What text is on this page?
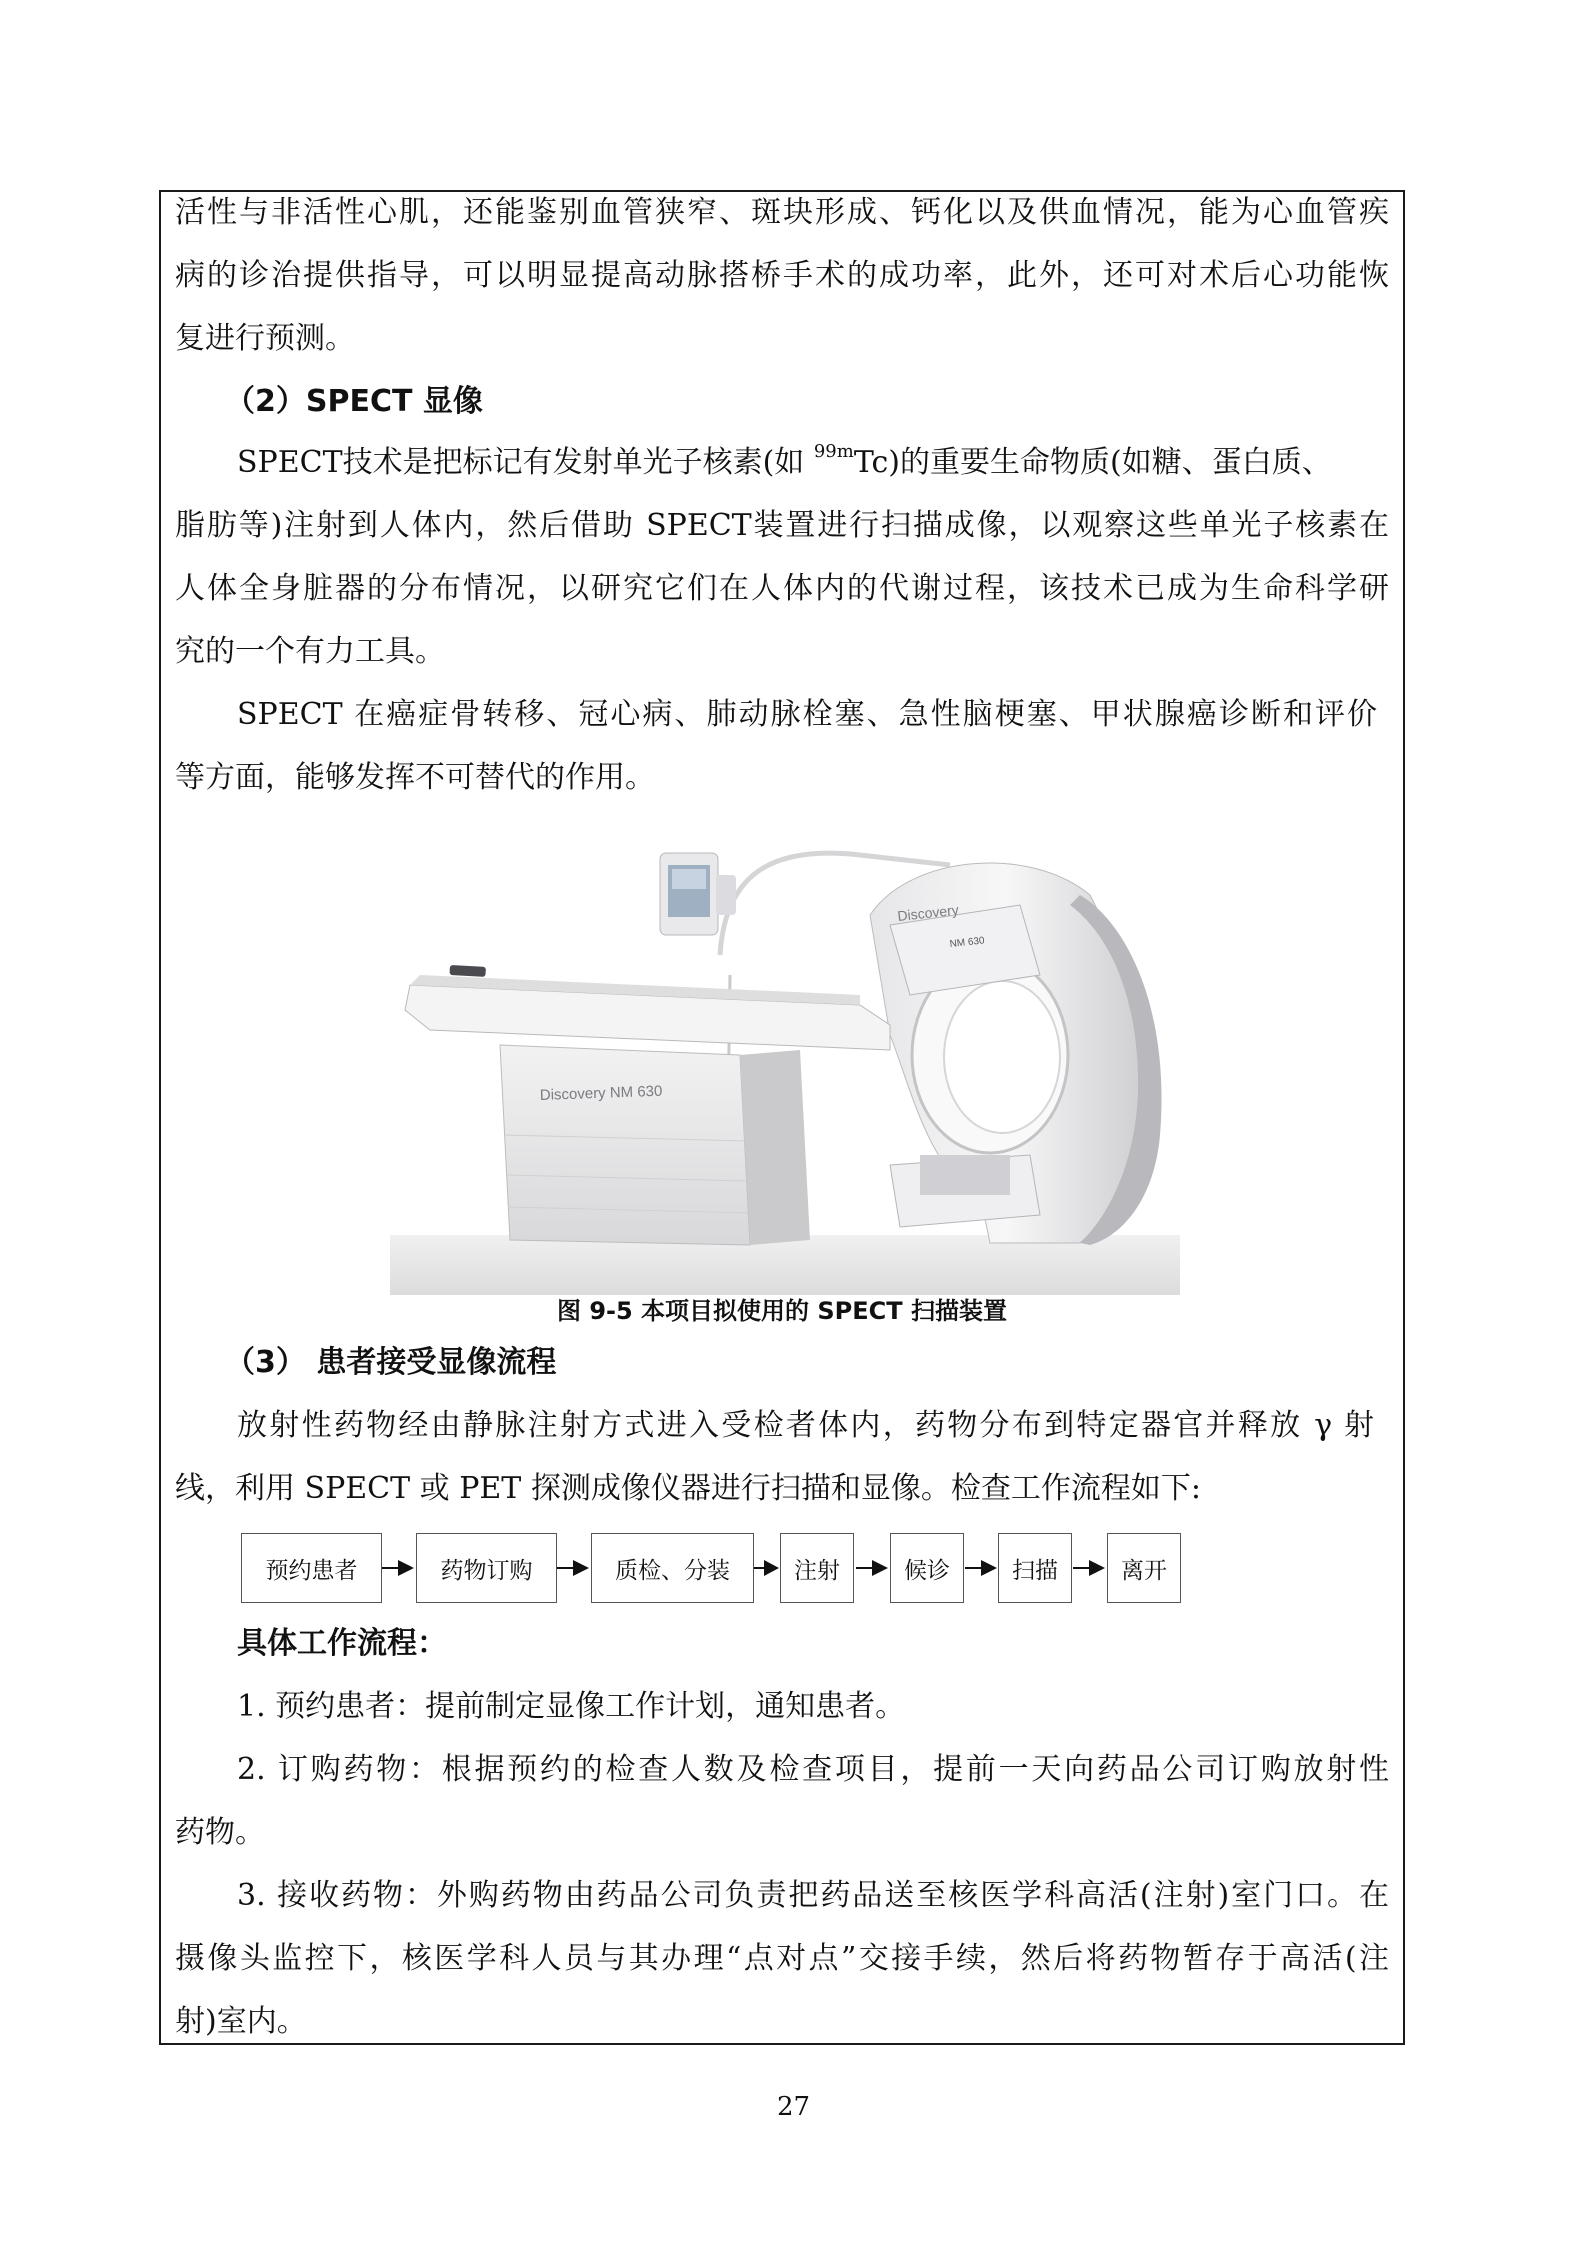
活性与非活性心肌，还能鉴别血管狭窄、斑块形成、钙化以及供血情况，能为心血管疾
病的诊治提供指导，可以明显提高动脉搭桥手术的成功率，此外，还可对术后心功能恢
复进行预测。
（2）SPECT 显像
SPECT技术是把标记有发射单光子核素(如 $^{99m}$Tc)的重要生命物质(如糖、蛋白质、
脂肪等)注射到人体内，然后借助 SPECT装置进行扫描成像，以观察这些单光子核素在
人体全身脏器的分布情况，以研究它们在人体内的代谢过程，该技术已成为生命科学研
究的一个有力工具。
SPECT 在癌症骨转移、冠心病、肺动脉栓塞、急性脑梗塞、甲状腺癌诊断和评价
等方面，能够发挥不可替代的作用。
Discovery
NM 630
Discovery NM 630
图 9-5 本项目拟使用的 SPECT 扫描装置
（3） 患者接受显像流程
放射性药物经由静脉注射方式进入受检者体内，药物分布到特定器官并释放 γ 射
线，利用 SPECT 或 PET 探测成像仪器进行扫描和显像。检查工作流程如下:
预约患者	药物订购	质检、分装	注射	候诊	扫描	离开
具体工作流程：
1. 预约患者：提前制定显像工作计划，通知患者。
2. 订购药物：根据预约的检查人数及检查项目，提前一天向药品公司订购放射性
药物。
3. 接收药物：外购药物由药品公司负责把药品送至核医学科高活(注射)室门口。在
摄像头监控下，核医学科人员与其办理“点对点”交接手续，然后将药物暂存于高活(注
射)室内。
27
